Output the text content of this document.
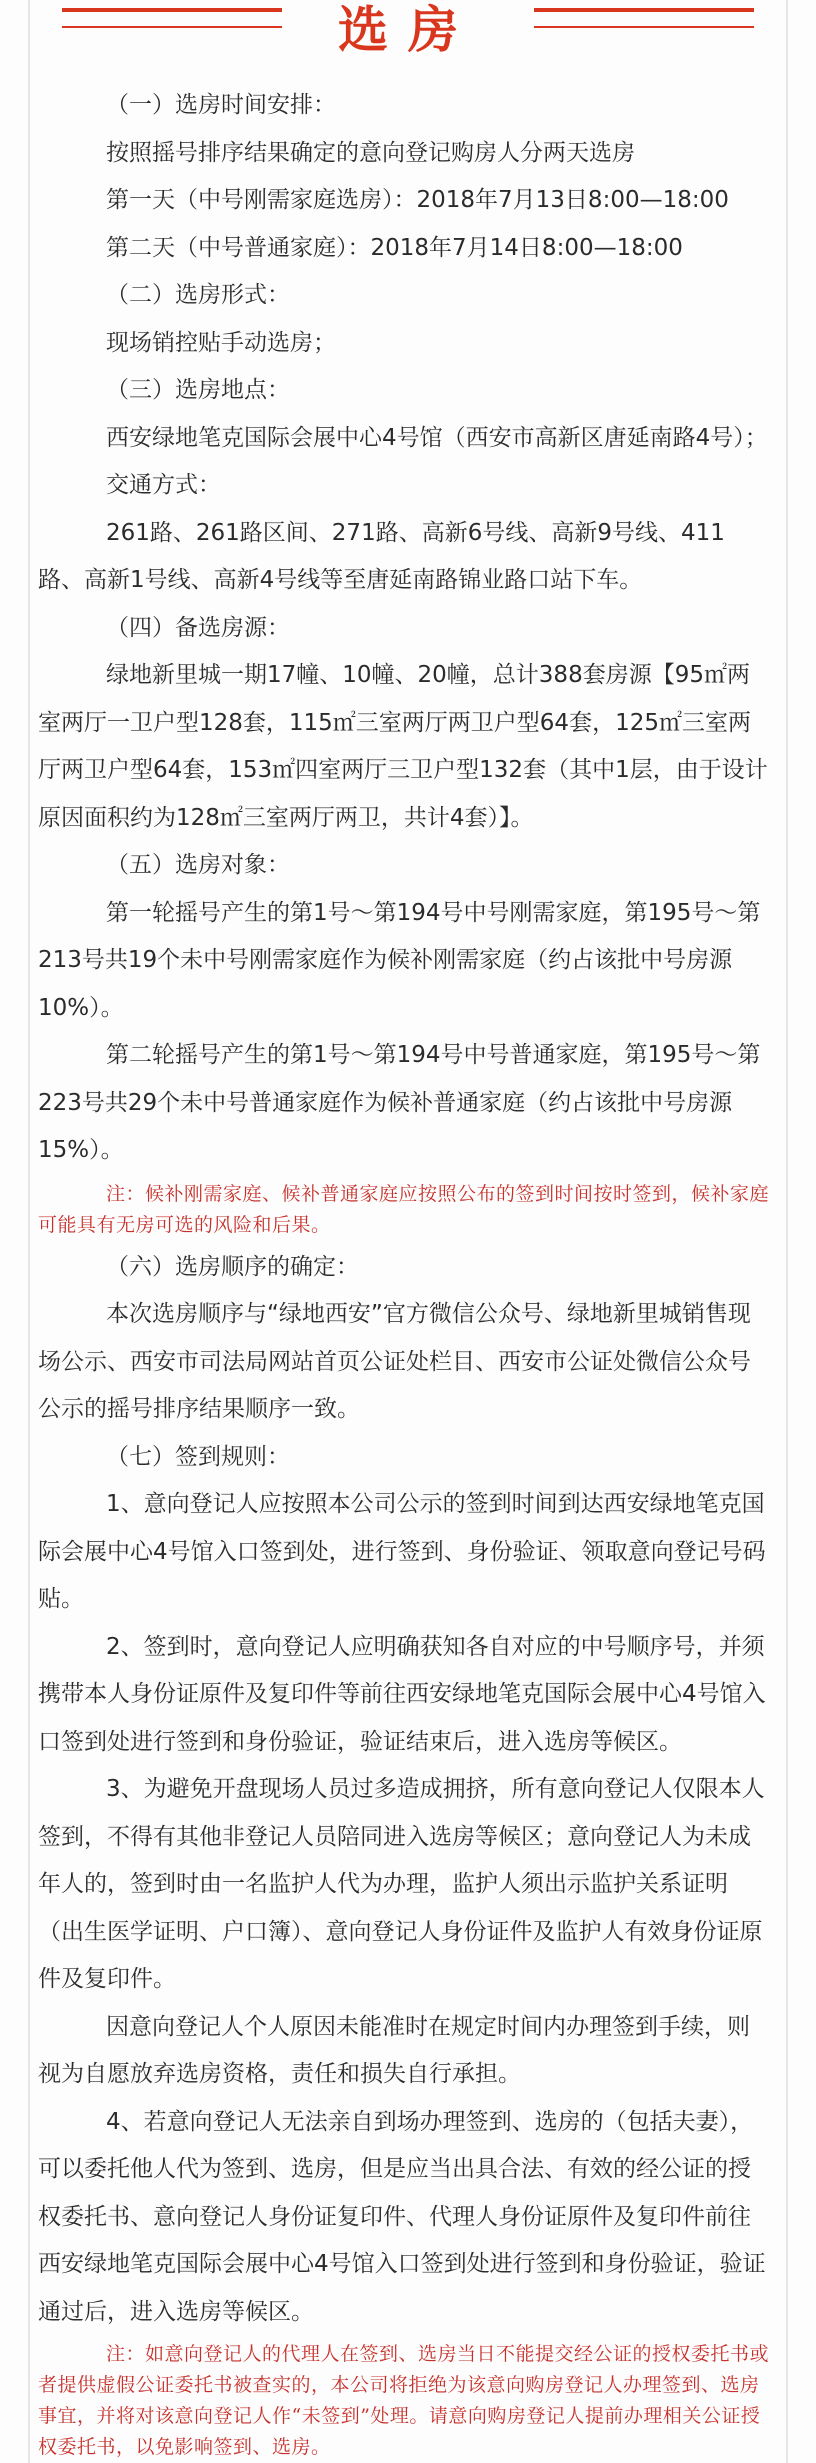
选房

（一）选房时间安排：

按照摇号排序结果确定的意向登记购房人分两天选房

第一天（中号刚需家庭选房）：2018年7月13日8:00—18:00

第二天（中号普通家庭）：2018年7月14日8:00—18:00

（二）选房形式：

现场销控贴手动选房；

（三）选房地点：

西安绿地笔克国际会展中心4号馆（西安市高新区唐延南路4号）；

交通方式：

261路、261路区间、271路、高新6号线、高新9号线、411路、高新1号线、高新4号线等至唐延南路锦业路口站下车。

（四）备选房源：

绿地新里城一期17幢、10幢、20幢，总计388套房源【95㎡两室两厅一卫户型128套，115㎡三室两厅两卫户型64套，125㎡三室两厅两卫户型64套，153㎡四室两厅三卫户型132套（其中1层，由于设计原因面积约为128㎡三室两厅两卫，共计4套）】。

（五）选房对象：

第一轮摇号产生的第1号～第194号中号刚需家庭，第195号～第213号共19个未中号刚需家庭作为候补刚需家庭（约占该批中号房源10%）。

第二轮摇号产生的第1号～第194号中号普通家庭，第195号～第223号共29个未中号普通家庭作为候补普通家庭（约占该批中号房源15%）。

注：候补刚需家庭、候补普通家庭应按照公布的签到时间按时签到，候补家庭可能具有无房可选的风险和后果。

（六）选房顺序的确定：

本次选房顺序与“绿地西安”官方微信公众号、绿地新里城销售现场公示、西安市司法局网站首页公证处栏目、西安市公证处微信公众号公示的摇号排序结果顺序一致。

（七）签到规则：

1、意向登记人应按照本公司公示的签到时间到达西安绿地笔克国际会展中心4号馆入口签到处，进行签到、身份验证、领取意向登记号码贴。

2、签到时，意向登记人应明确获知各自对应的中号顺序号，并须携带本人身份证原件及复印件等前往西安绿地笔克国际会展中心4号馆入口签到处进行签到和身份验证，验证结束后，进入选房等候区。

3、为避免开盘现场人员过多造成拥挤，所有意向登记人仅限本人签到，不得有其他非登记人员陪同进入选房等候区；意向登记人为未成年人的，签到时由一名监护人代为办理，监护人须出示监护关系证明（出生医学证明、户口簿）、意向登记人身份证件及监护人有效身份证原件及复印件。

因意向登记人个人原因未能准时在规定时间内办理签到手续，则视为自愿放弃选房资格，责任和损失自行承担。

4、若意向登记人无法亲自到场办理签到、选房的（包括夫妻），可以委托他人代为签到、选房，但是应当出具合法、有效的经公证的授权委托书、意向登记人身份证复印件、代理人身份证原件及复印件前往西安绿地笔克国际会展中心4号馆入口签到处进行签到和身份验证，验证通过后，进入选房等候区。

注：如意向登记人的代理人在签到、选房当日不能提交经公证的授权委托书或者提供虚假公证委托书被查实的，本公司将拒绝为该意向购房登记人办理签到、选房事宜，并将对该意向登记人作“未签到”处理。请意向购房登记人提前办理相关公证授权委托书，以免影响签到、选房。
